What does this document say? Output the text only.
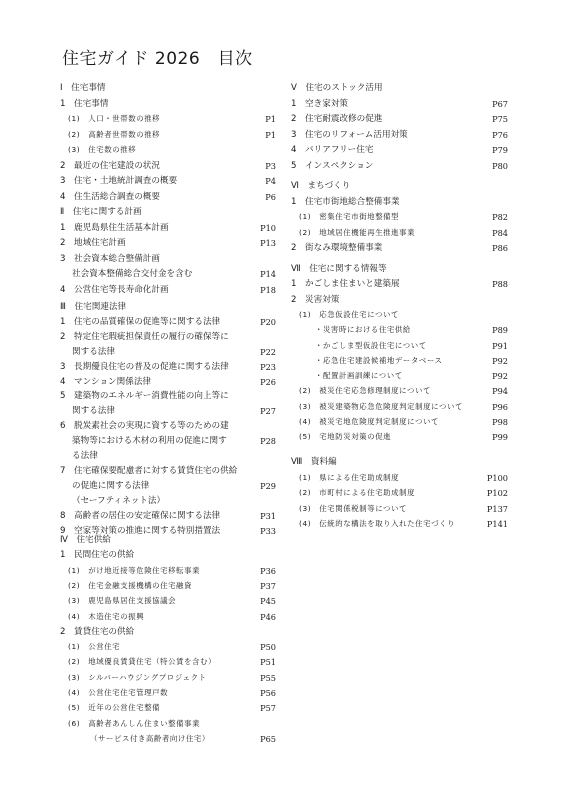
住宅ガイド 2026　目次
Ⅰ　住宅事情
1　住宅事情
(1)　人口・世帯数の推移	P1
(2)　高齢者世帯数の推移	P1
(3)　住宅数の推移
2　最近の住宅建設の状況	P3
3　住宅・土地統計調査の概要	P4
4　住生活総合調査の概要	P6
Ⅱ　住宅に関する計画
1　鹿児島県住生活基本計画	P10
2　地域住宅計画	P13
3　社会資本総合整備計画
社会資本整備総合交付金を含む	P14
4　公営住宅等長寿命化計画	P18
Ⅲ　住宅関連法律
1　住宅の品質確保の促進等に関する法律	P20
2　特定住宅瑕疵担保責任の履行の確保等に
関する法律	P22
3　長期優良住宅の普及の促進に関する法律	P23
4　マンション関係法律	P26
5　建築物のエネルギー消費性能の向上等に
関する法律	P27
6　脱炭素社会の実現に資する等のための建
築物等における木材の利用の促進に関す	P28
る法律
7　住宅確保要配慮者に対する賃貸住宅の供給
の促進に関する法律	P29
（セーフティネット法）
8　高齢者の居住の安定確保に関する法律	P31
9　空家等対策の推進に関する特別措置法	P33
Ⅳ　住宅供給
1　民間住宅の供給
(1)　がけ地近接等危険住宅移転事業	P36
(2)　住宅金融支援機構の住宅融資	P37
(3)　鹿児島県居住支援協議会	P45
(4)　木造住宅の振興	P46
2　賃貸住宅の供給
(1)　公営住宅	P50
(2)　地域優良賃貸住宅（特公賃を含む）	P51
(3)　シルバーハウジングプロジェクト	P55
(4)　公営住宅住宅管理戸数	P56
(5)　近年の公営住宅整備	P57
(6)　高齢者あんしん住まい整備事業
（サービス付き高齢者向け住宅）	P65
Ⅴ　住宅のストック活用
1　空き家対策	P67
2　住宅耐震改修の促進	P75
3　住宅のリフォーム活用対策	P76
4　バリアフリー住宅	P79
5　インスペクション	P80
Ⅵ　まちづくり
1　住宅市街地総合整備事業
(1)　密集住宅市街地整備型	P82
(2)　地域居住機能再生推進事業	P84
2　街なみ環境整備事業	P86
Ⅶ　住宅に関する情報等
1　かごしま住まいと建築展	P88
2　災害対策
(1)　応急仮設住宅について
・災害時における住宅供給	P89
・かごしま型仮設住宅について	P91
・応急住宅建設候補地データベース	P92
・配置計画訓練について	P92
(2)　被災住宅応急修理制度について	P94
(3)　被災建築物応急危険度判定制度について	P96
(4)　被災宅地危険度判定制度について	P98
(5)　宅地防災対策の促進	P99
Ⅷ　資料編
(1)　県による住宅助成制度	P100
(2)　市町村による住宅助成制度	P102
(3)　住宅関係税制等について	P137
(4)　伝統的な構法を取り入れた住宅づくり	P141
